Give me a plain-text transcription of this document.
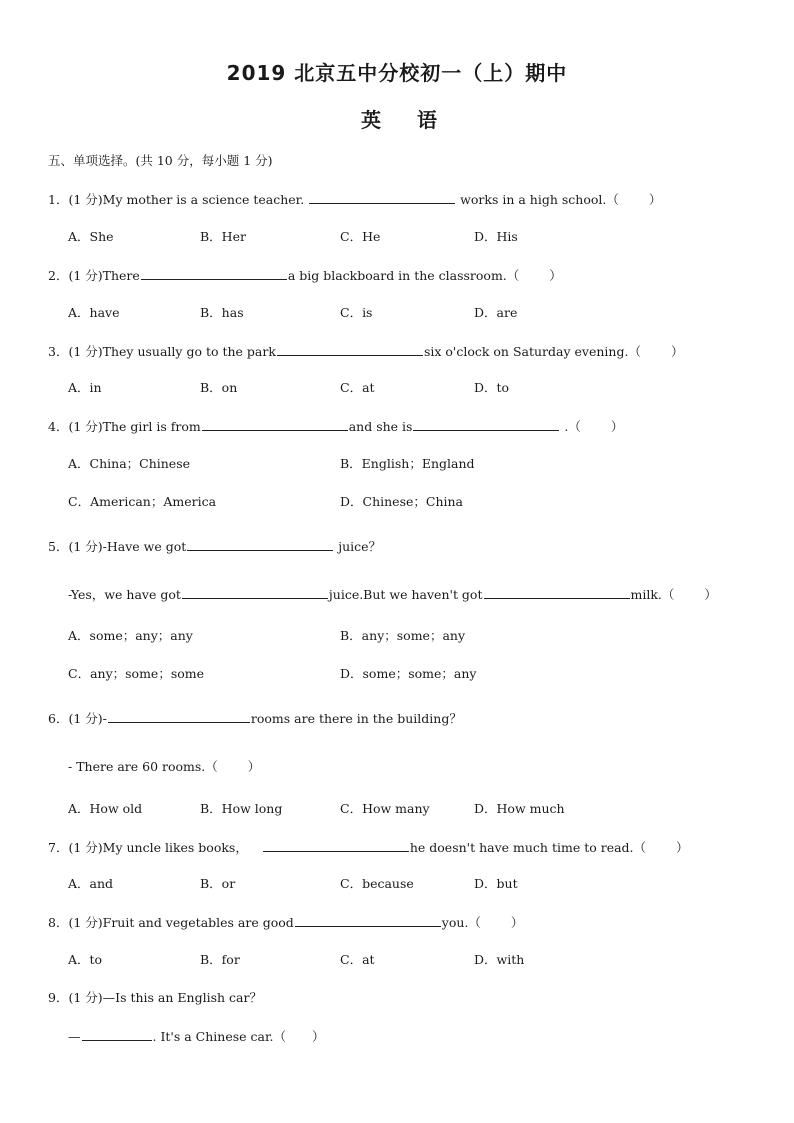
2019 北京五中分校初一（上）期中
英语
五、单项选择。(共 10 分，每小题 1 分)
1．(1 分)My mother is a science teacher.	works in a high school.（ ）
A．She	B．Her	C．He	D．His
2．(1 分)There	a big blackboard in the classroom.（ ）
A．have	B．has	C．is	D．are
3．(1 分)They usually go to the park	six o'clock on Saturday evening.（ ）
A．in	B．on	C．at	D．to
4．(1 分)The girl is from	and she is	.（ ）
A．China；Chinese	B．English；England
C．American；America	D．Chinese；China
5．(1 分)-Have we got	juice？
-Yes，we have got	juice.But we haven't got	milk.（ ）
A．some；any；any	B．any；some；any
C．any；some；some	D．some；some；any
6．(1 分)-	rooms are there in the building？
- There are 60 rooms.（ ）
A．How old	B．How long	C．How many	D．How much
7．(1 分)My uncle likes books，	he doesn't have much time to read.（ ）
A．and	B．or	C．because	D．but
8．(1 分)Fruit and vegetables are good	you.（ ）
A．to	B．for	C．at	D．with
9．(1 分)—Is this an English car？
—	. It's a Chinese car.（ ）
